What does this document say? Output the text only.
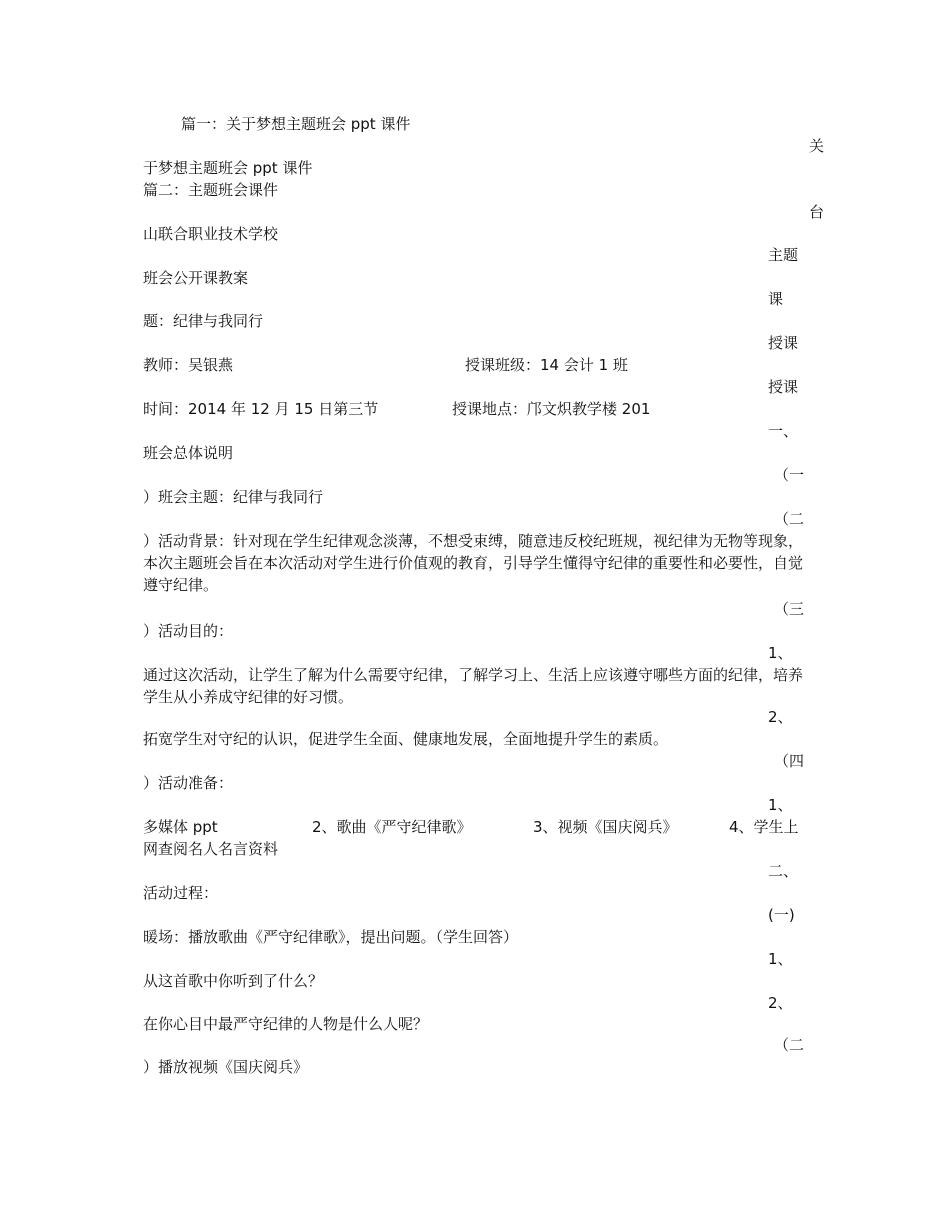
篇一：关于梦想主题班会 ppt 课件
关
台
主题
课
授课
授课
一、
（一
（二
（三
1、
2、
（四
1、
二、
(一)
1、
2、
（二
于梦想主题班会 ppt 课件
篇二：主题班会课件
山联合职业技术学校
班会公开课教案
题：纪律与我同行
教师：吴银燕	授课班级：14 会计 1 班
时间：2014 年 12 月 15 日第三节	授课地点：邝文炽教学楼 201
班会总体说明
）班会主题：纪律与我同行
）活动背景：针对现在学生纪律观念淡薄，不想受束缚，随意违反校纪班规，视纪律为无物等现象，本次主题班会旨在本次活动对学生进行价值观的教育，引导学生懂得守纪律的重要性和必要性，自觉遵守纪律。
）活动目的：
通过这次活动，让学生了解为什么需要守纪律，了解学习上、生活上应该遵守哪些方面的纪律，培养学生从小养成守纪律的好习惯。
拓宽学生对守纪的认识，促进学生全面、健康地发展，全面地提升学生的素质。
）活动准备：
多媒体 ppt	2、歌曲《严守纪律歌》	3、视频《国庆阅兵》	4、学生上
网查阅名人名言资料
活动过程：
暖场：播放歌曲《严守纪律歌》，提出问题。（学生回答）
从这首歌中你听到了什么？
在你心目中最严守纪律的人物是什么人呢？
）播放视频《国庆阅兵》
